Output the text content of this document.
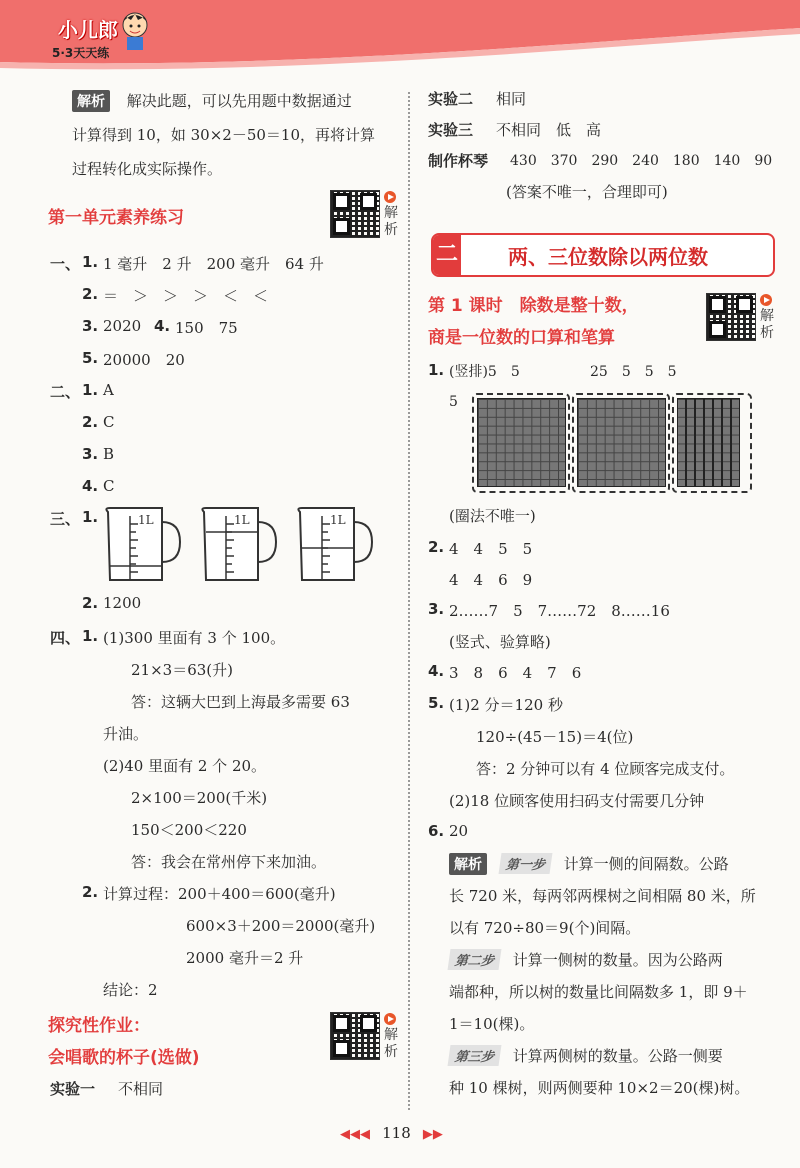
小儿郎
5·3天天练
解析 解决此题，可以先用题中数据通过
计算得到 10，如 30×2－50＝10，再将计算
过程转化成实际操作。
第一单元素养练习	解析
一、 1. 1 毫升　2 升　200 毫升　64 升
2. ＝　＞　＞　＞　＜　＜
3. 2020 4. 150　75
5. 20000　20
二、 1. A
2. C
3. B
4. C
三、 1.	1L	1L	1L
2. 1200
四、 1. (1)300 里面有 3 个 100。
21×3＝63(升)
答：这辆大巴到上海最多需要 63
升油。
(2)40 里面有 2 个 20。
2×100＝200(千米)
150＜200＜220
答：我会在常州停下来加油。
2. 计算过程：200＋400＝600(毫升)
600×3＋200＝2000(毫升)
2000 毫升＝2 升
结论：2
探究性作业：
会唱歌的杯子(选做)
解析
实验一 不相同
实验二 相同
实验三 不相同　低　高
制作杯琴 430　370　290　240　180　140　90
(答案不唯一，合理即可)
二	两、三位数除以两位数
第 1 课时　除数是整十数，
商是一位数的口算和笔算
解析
1. (竖排)5　5	25　5　5　5
5
(圈法不唯一)
2. 4　4　5　5
4　4　6　9
3. 2……7　5　7……72　8……16
(竖式、验算略)
4. 3　8　6　4　7　6
5. (1)2 分＝120 秒
120÷(45－15)＝4(位)
答：2 分钟可以有 4 位顾客完成支付。
(2)18 位顾客使用扫码支付需要几分钟
6. 20
解析 第一步 计算一侧的间隔数。公路
长 720 米，每两邻两棵树之间相隔 80 米，所
以有 720÷80＝9(个)间隔。
第二步 计算一侧树的数量。因为公路两
端都种，所以树的数量比间隔数多 1，即 9＋
1＝10(棵)。
第三步 计算两侧树的数量。公路一侧要
种 10 棵树，则两侧要种 10×2＝20(棵)树。
◀◀◀ 118 ▶▶
